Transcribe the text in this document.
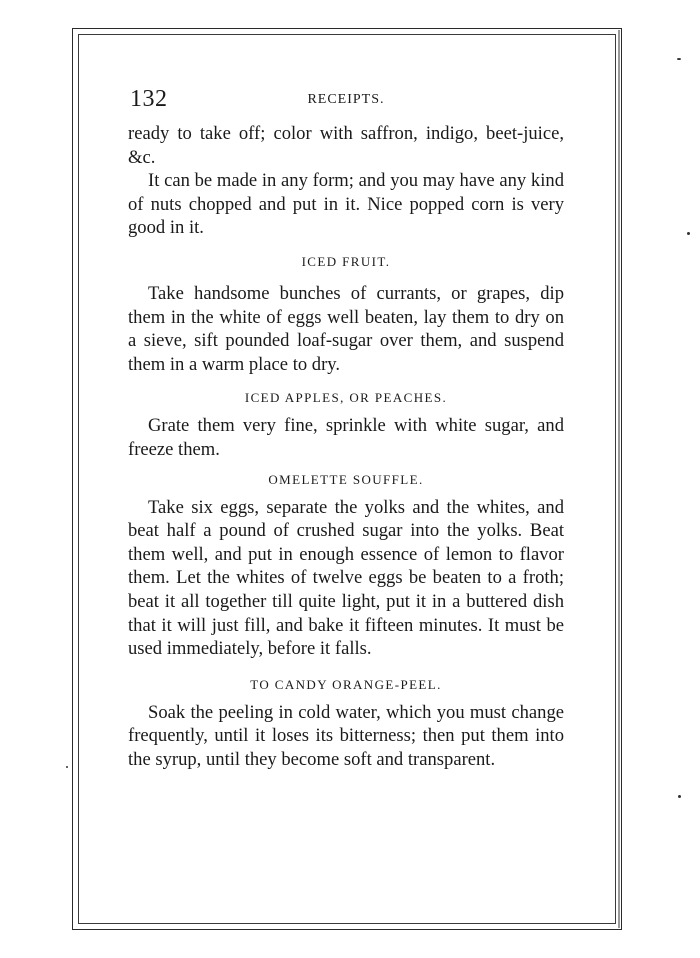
132	RECEIPTS.

ready to take off; color with saffron, indigo, beet-juice, &c.

It can be made in any form; and you may have any kind of nuts chopped and put in it. Nice popped corn is very good in it.

ICED FRUIT.

Take handsome bunches of currants, or grapes, dip them in the white of eggs well beaten, lay them to dry on a sieve, sift pounded loaf-sugar over them, and suspend them in a warm place to dry.

ICED APPLES, OR PEACHES.

Grate them very fine, sprinkle with white sugar, and freeze them.

OMELETTE SOUFFLE.

Take six eggs, separate the yolks and the whites, and beat half a pound of crushed sugar into the yolks. Beat them well, and put in enough essence of lemon to flavor them. Let the whites of twelve eggs be beaten to a froth; beat it all together till quite light, put it in a buttered dish that it will just fill, and bake it fifteen minutes. It must be used immediately, before it falls.

TO CANDY ORANGE-PEEL.

Soak the peeling in cold water, which you must change frequently, until it loses its bitterness; then put them into the syrup, until they become soft and transparent.
